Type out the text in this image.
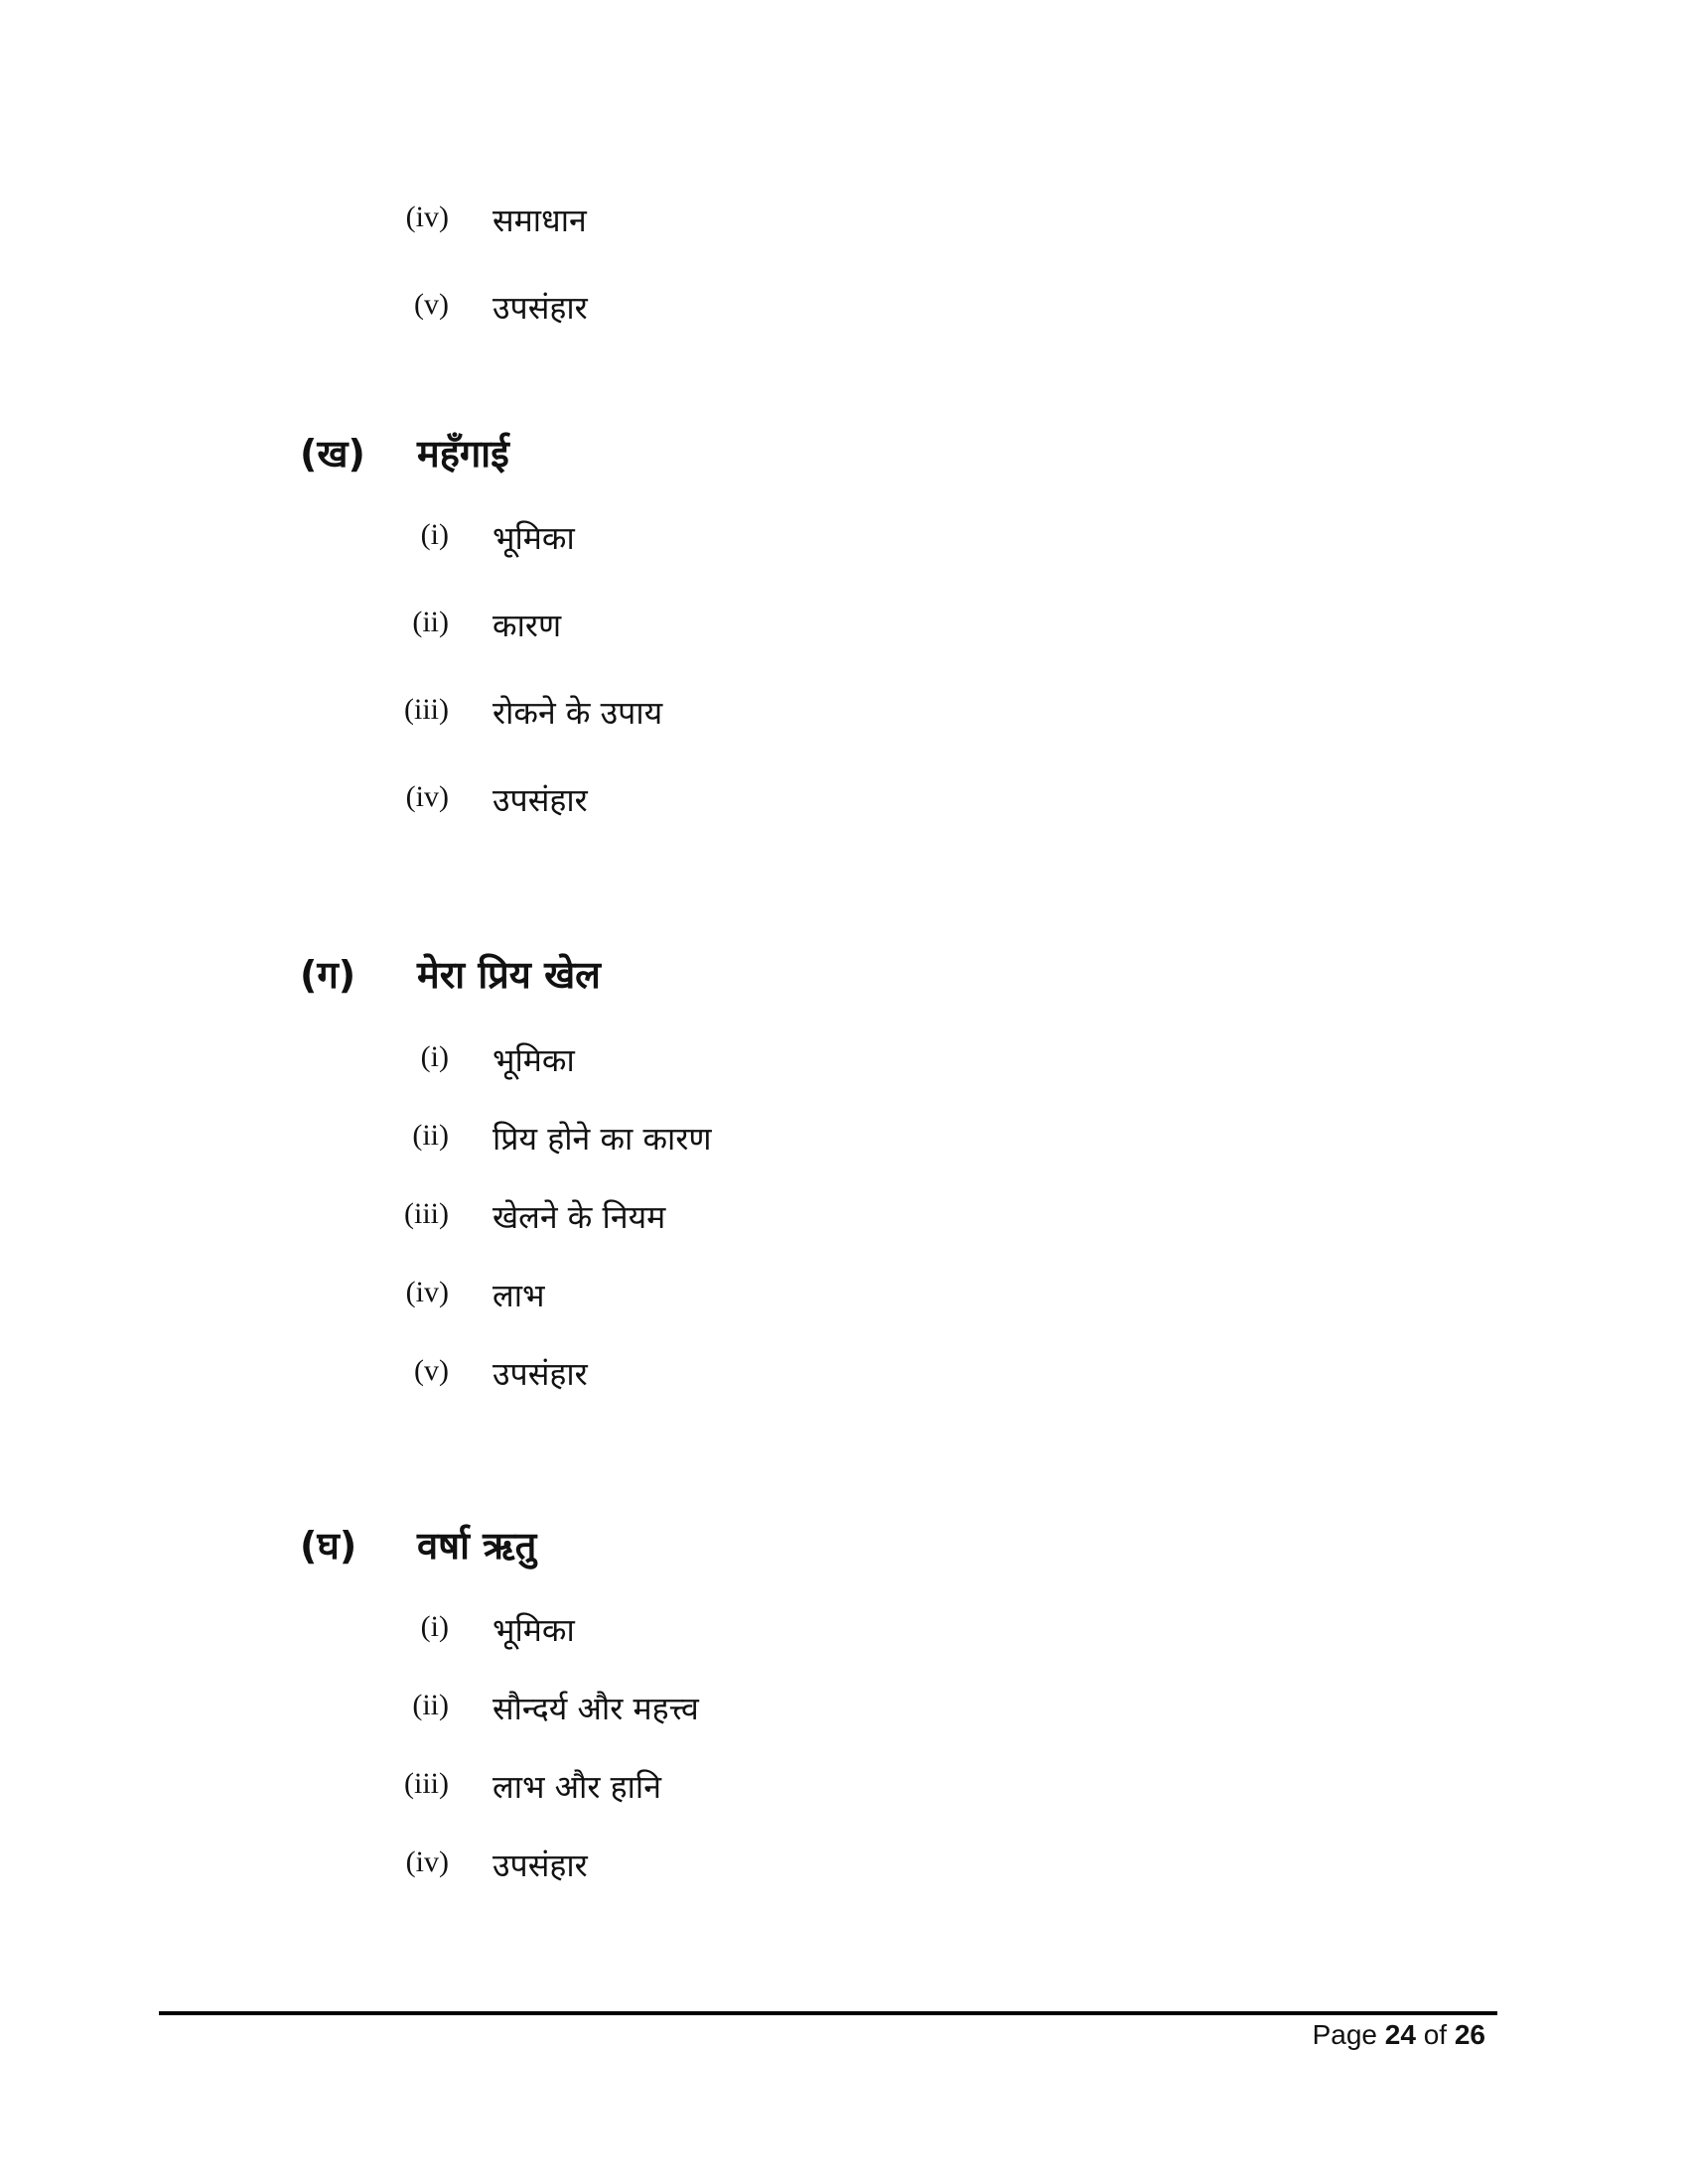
(iv) समाधान
(v) उपसंहार
(ख) महँगाई
(i) भूमिका
(ii) कारण
(iii) रोकने के उपाय
(iv) उपसंहार
(ग) मेरा प्रिय खेल
(i) भूमिका
(ii) प्रिय होने का कारण
(iii) खेलने के नियम
(iv) लाभ
(v) उपसंहार
(घ) वर्षा ऋतु
(i) भूमिका
(ii) सौन्दर्य और महत्त्व
(iii) लाभ और हानि
(iv) उपसंहार
Page 24 of 26
